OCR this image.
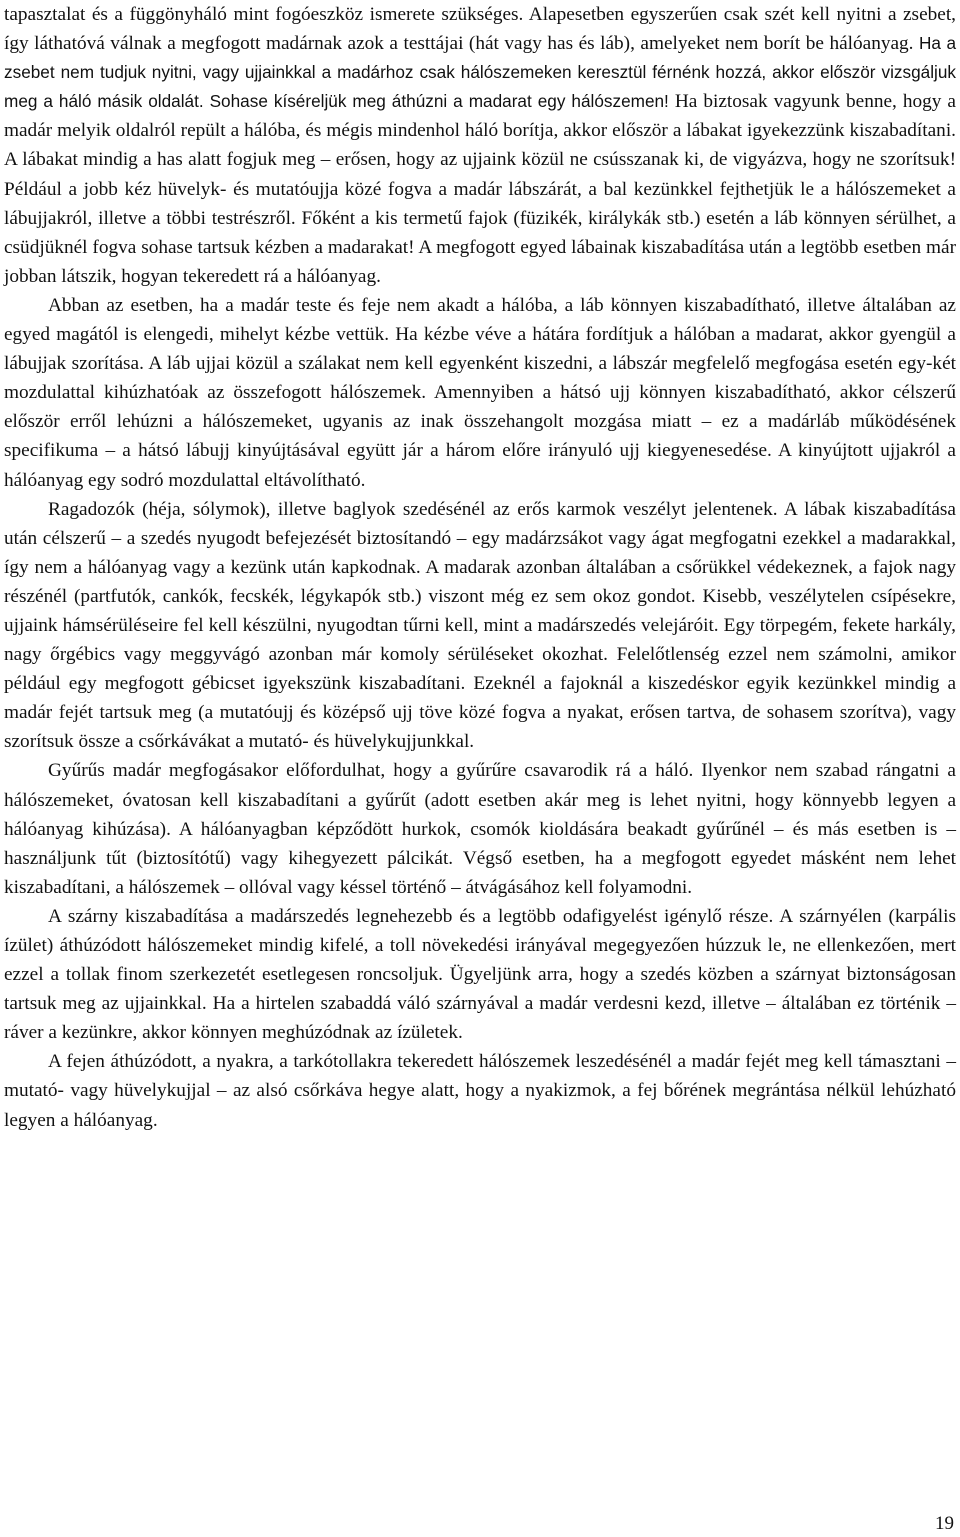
tapasztalat és a függönyháló mint fogóeszköz ismerete szükséges. Alapesetben egyszerűen csak szét kell nyitni a zsebet, így láthatóvá válnak a megfogott madárnak azok a testtájai (hát vagy has és láb), amelyeket nem borít be hálóanyag. Ha a zsebet nem tudjuk nyitni, vagy ujjainkkal a madárhoz csak hálószemeken keresztül férnénk hozzá, akkor először vizsgáljuk meg a háló másik oldalát. Sohase kíséreljük meg áthúzni a madarat egy hálószemen! Ha biztosak vagyunk benne, hogy a madár melyik oldalról repült a hálóba, és mégis mindenhol háló borítja, akkor először a lábakat igyekezzünk kiszabadítani. A lábakat mindig a has alatt fogjuk meg – erősen, hogy az ujjaink közül ne csússzanak ki, de vigyázva, hogy ne szorítsuk! Például a jobb kéz hüvelyk- és mutatóujja közé fogva a madár lábszárát, a bal kezünkkel fejthetjük le a hálószemeket a lábujjakról, illetve a többi testrészről. Főként a kis termetű fajok (füzikék, királykák stb.) esetén a láb könnyen sérülhet, a csüdjüknél fogva sohase tartsuk kézben a madarakat! A megfogott egyed lábainak kiszabadítása után a legtöbb esetben már jobban látszik, hogyan tekeredett rá a hálóanyag.

Abban az esetben, ha a madár teste és feje nem akadt a hálóba, a láb könnyen kiszabadítható, illetve általában az egyed magától is elengedi, mihelyt kézbe vettük. Ha kézbe véve a hátára fordítjuk a hálóban a madarat, akkor gyengül a lábujjak szorítása. A láb ujjai közül a szálakat nem kell egyenként kiszedni, a lábszár megfelelő megfogása esetén egy-két mozdulattal kihúzhatóak az összefogott hálószemek. Amennyiben a hátsó ujj könnyen kiszabadítható, akkor célszerű először erről lehúzni a hálószemeket, ugyanis az inak összehangolt mozgása miatt – ez a madárláb működésének specifikuma – a hátsó lábujj kinyújtásával együtt jár a három előre irányuló ujj kiegyenesedése. A kinyújtott ujjakról a hálóanyag egy sodró mozdulattal eltávolítható.

Ragadozók (héja, sólymok), illetve baglyok szedésénél az erős karmok veszélyt jelentenek. A lábak kiszabadítása után célszerű – a szedés nyugodt befejezését biztosítandó – egy madárzsákot vagy ágat megfogatni ezekkel a madarakkal, így nem a hálóanyag vagy a kezünk után kapkodnak. A madarak azonban általában a csőrükkel védekeznek, a fajok nagy részénél (partfutók, cankók, fecskék, légykapók stb.) viszont még ez sem okoz gondot. Kisebb, veszélytelen csípésekre, ujjaink hámsérüléseire fel kell készülni, nyugodtan tűrni kell, mint a madárszedés velejáróit. Egy törpegém, fekete harkály, nagy őrgébics vagy meggyvágó azonban már komoly sérüléseket okozhat. Felelőtlenség ezzel nem számolni, amikor például egy megfogott gébicset igyekszünk kiszabadítani. Ezeknél a fajoknál a kiszedéskor egyik kezünkkel mindig a madár fejét tartsuk meg (a mutatóujj és középső ujj töve közé fogva a nyakat, erősen tartva, de sohasem szorítva), vagy szorítsuk össze a csőrkávákat a mutató- és hüvelykujjunkkal.

Gyűrűs madár megfogásakor előfordulhat, hogy a gyűrűre csavarodik rá a háló. Ilyenkor nem szabad rángatni a hálószemeket, óvatosan kell kiszabadítani a gyűrűt (adott esetben akár meg is lehet nyitni, hogy könnyebb legyen a hálóanyag kihúzása). A hálóanyagban képződött hurkok, csomók kioldására beakadt gyűrűnél – és más esetben is – használjunk tűt (biztosítótű) vagy kihegyezett pálcikát. Végső esetben, ha a megfogott egyedet másként nem lehet kiszabadítani, a hálószemek – ollóval vagy késsel történő – átvágásához kell folyamodni.

A szárny kiszabadítása a madárszedés legnehezebb és a legtöbb odafigyelést igénylő része. A szárnyélen (karpális ízület) áthúzódott hálószemeket mindig kifelé, a toll növekedési irányával megegyezően húzzuk le, ne ellenkezően, mert ezzel a tollak finom szerkezetét esetlegesen roncsoljuk. Ügyeljünk arra, hogy a szedés közben a szárnyat biztonságosan tartsuk meg az ujjainkkal. Ha a hirtelen szabaddá váló szárnyával a madár verdesni kezd, illetve – általában ez történik – ráver a kezünkre, akkor könnyen meghúzódnak az ízületek.

A fejen áthúzódott, a nyakra, a tarkótollakra tekeredett hálószemek leszedésénél a madár fejét meg kell támasztani – mutató- vagy hüvelykujjal – az alsó csőrkáva hegye alatt, hogy a nyakizmok, a fej bőrének megrántása nélkül lehúzható legyen a hálóanyag.

19
